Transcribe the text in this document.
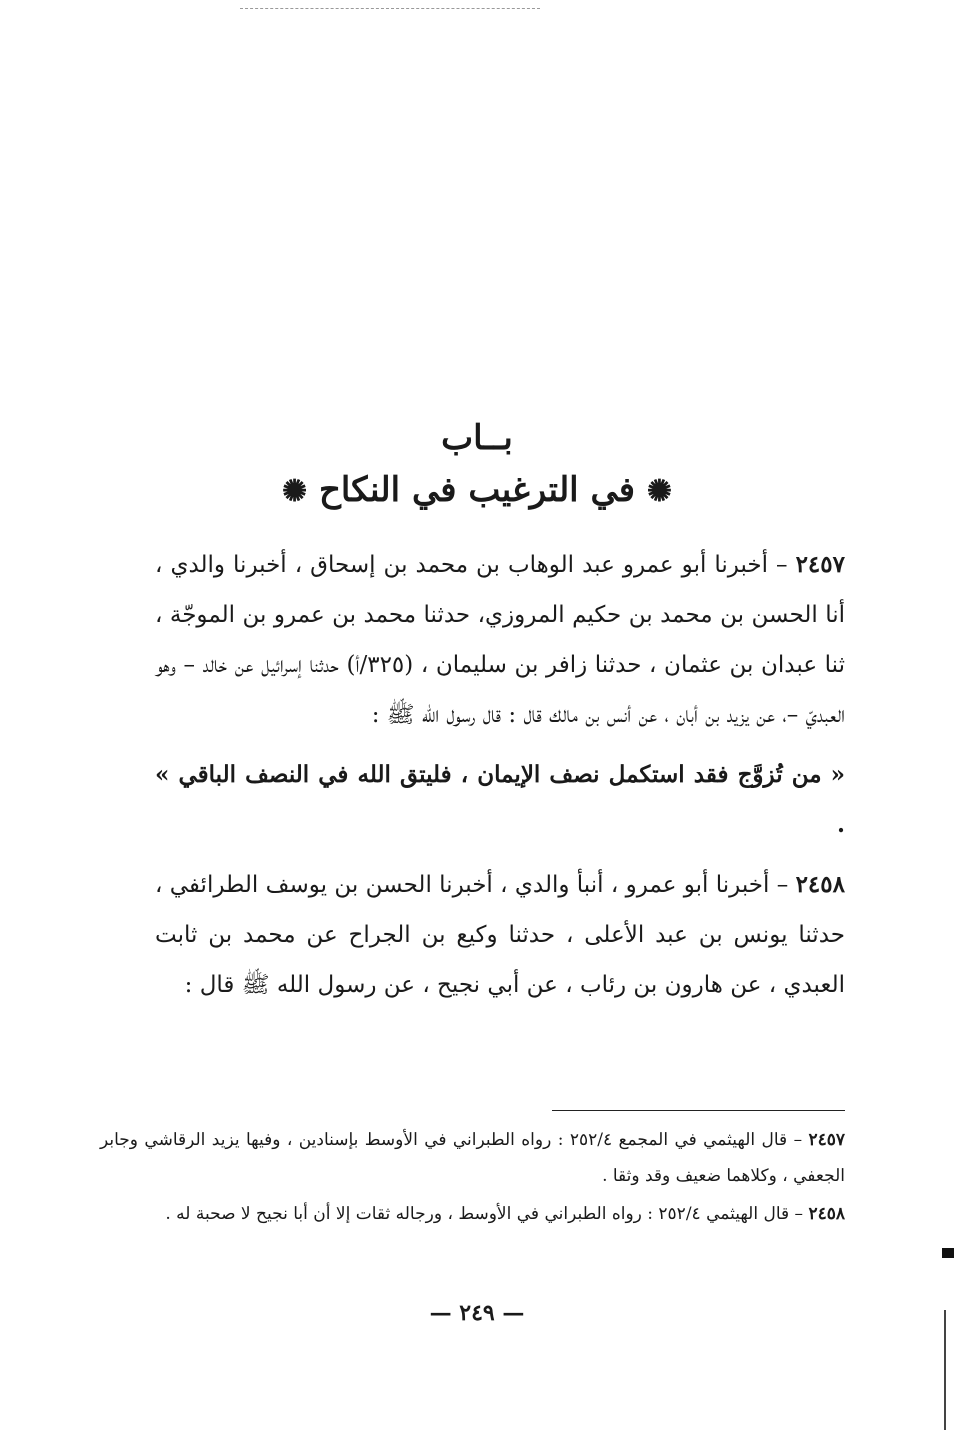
بــاب
✺ في الترغيب في النكاح ✺

٢٤٥٧ – أخبرنا أبو عمرو عبد الوهاب بن محمد بن إسحاق ، أخبرنا والدي ، أنا الحسن بن محمد بن حكيم المروزي، حدثنا محمد بن عمرو بن الموجّة ، ثنا عبدان بن عثمان ، حدثنا زافر بن سليمان ، (٣٢٥/أ) حدثنا إسرائيل عن خالد – وهو العبديّ –، عن يزيد بن أبان ، عن أنس بن مالك قال : قال رسول الله ﷺ :

« من تُزوَّج فقد استكمل نصف الإيمان ، فليتق الله في النصف الباقي » .

٢٤٥٨ – أخبرنا أبو عمرو ، أنبأ والدي ، أخبرنا الحسن بن يوسف الطرائفي ، حدثنا يونس بن عبد الأعلى ، حدثنا وكيع بن الجراح عن محمد بن ثابت العبدي ، عن هارون بن رئاب ، عن أبي نجيح ، عن رسول الله ﷺ قال :

٢٤٥٧ – قال الهيثمي في المجمع ٢٥٢/٤ : رواه الطبراني في الأوسط بإسنادين ، وفيها يزيد الرقاشي وجابر الجعفي ، وكلاهما ضعيف وقد وثقا .

٢٤٥٨ – قال الهيثمي ٢٥٢/٤ : رواه الطبراني في الأوسط ، ورجاله ثقات إلا أن أبا نجيح لا صحبة له .

— ٢٤٩ —
